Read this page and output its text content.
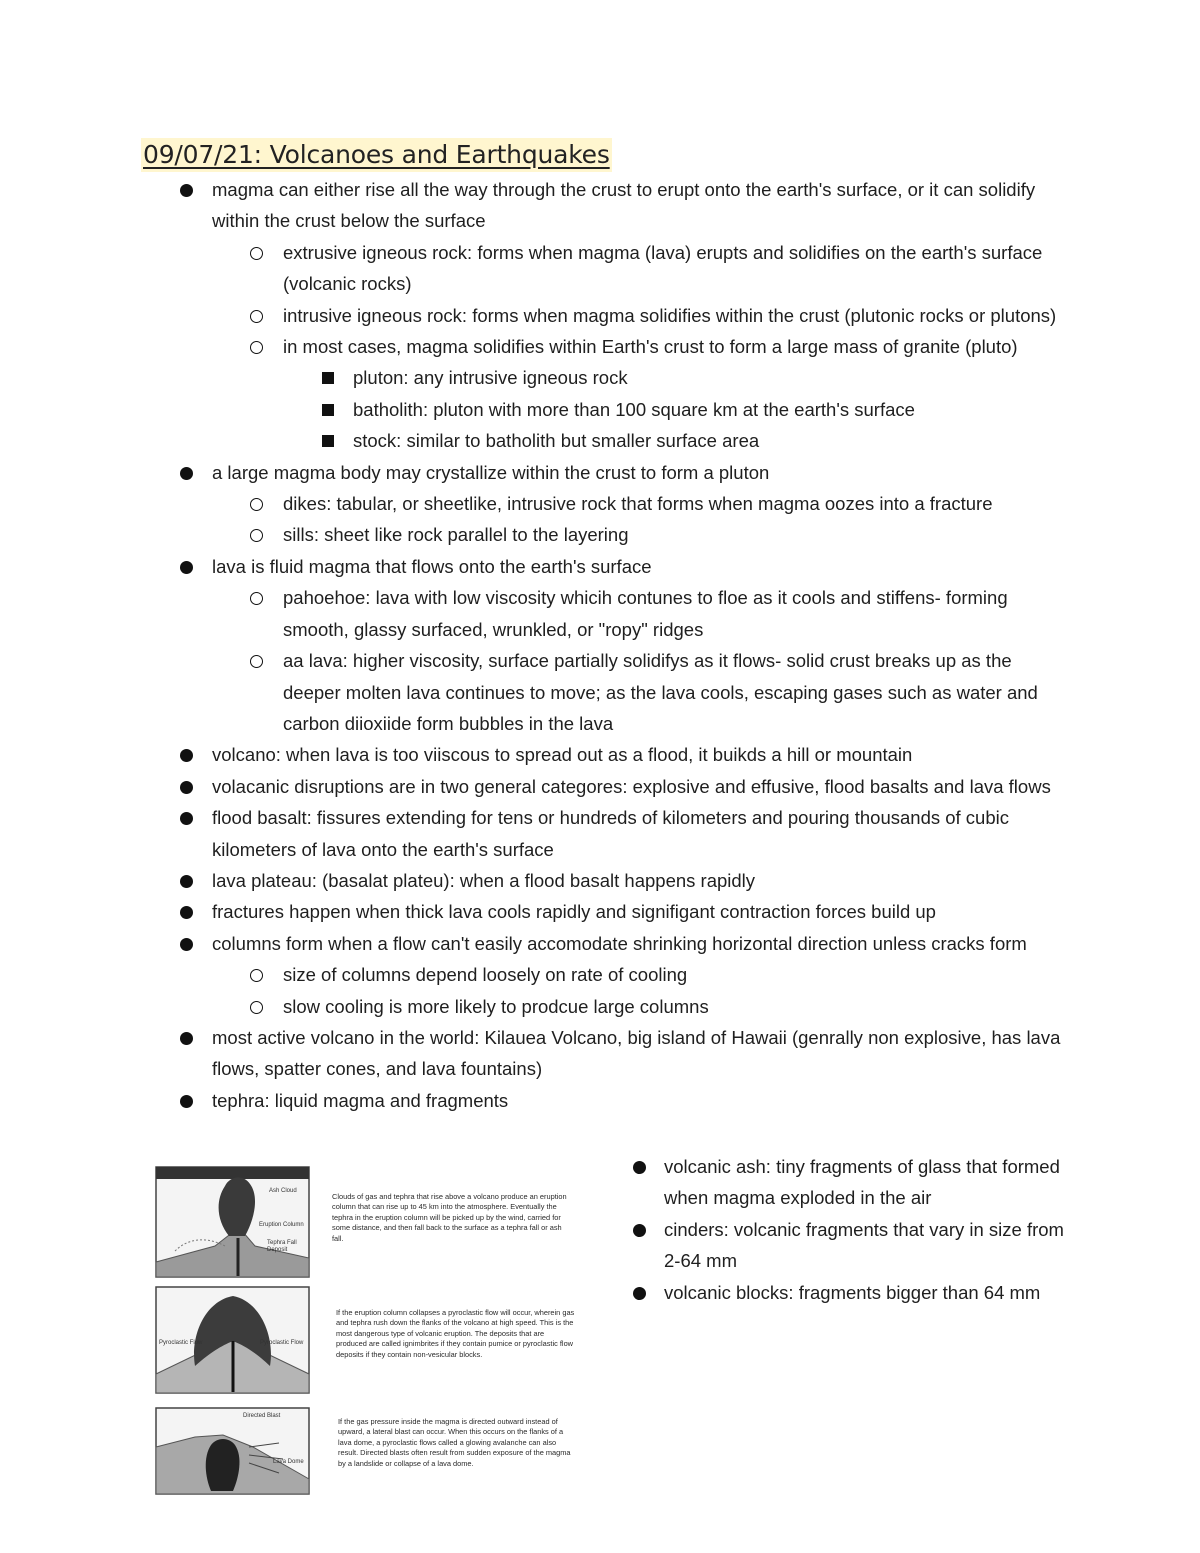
09/07/21: Volcanoes and Earthquakes
magma can either rise all the way through the crust to erupt onto the earth's surface, or it can solidify within the crust below the surface
extrusive igneous rock: forms when magma (lava) erupts and solidifies on the earth's surface (volcanic rocks)
intrusive igneous rock: forms when magma solidifies within the crust (plutonic rocks or plutons)
in most cases, magma solidifies within Earth's crust to form a large mass of granite (pluto)
pluton: any intrusive igneous rock
batholith: pluton with more than 100 square km at the earth's surface
stock: similar to batholith but smaller surface area
a large magma body may crystallize within the crust to form a pluton
dikes: tabular, or sheetlike, intrusive rock that forms when magma oozes into a fracture
sills: sheet like rock parallel to the layering
lava is fluid magma that flows onto the earth's surface
pahoehoe: lava with low viscosity whicih contunes to floe as it cools and stiffens- forming smooth, glassy surfaced, wrunkled, or "ropy" ridges
aa lava: higher viscosity, surface partially solidifys as it flows- solid crust breaks up as the deeper molten lava continues to move; as the lava cools, escaping gases such as water and carbon diioxiide form bubbles in the lava
volcano: when lava is too viiscous to spread out as a flood, it buikds a hill or mountain
volacanic disruptions are in two general categores: explosive and effusive, flood basalts and lava flows
flood basalt: fissures extending for tens or hundreds of kilometers and pouring thousands of cubic kilometers of lava onto the earth's surface
lava plateau: (basalat plateu): when a flood basalt happens rapidly
fractures happen when thick lava cools rapidly and signifigant contraction forces build up
columns form when a flow can't easily accomodate shrinking horizontal direction unless cracks form
size of columns depend loosely on rate of cooling
slow cooling is more likely to prodcue large columns
most active volcano in the world: Kilauea Volcano, big island of Hawaii (genrally non explosive, has lava flows, spatter cones, and lava fountains)
tephra: liquid magma and fragments
Ash Cloud
Eruption Column
Tephra Fall Deposit
Clouds of gas and tephra that rise above a volcano produce an eruption column that can rise up to 45 km into the atmosphere. Eventually the tephra in the eruption column will be picked up by the wind, carried for some distance, and then fall back to the surface as a tephra fall or ash fall.
Pyroclastic Flow	Pyroclastic Flow
If the eruption column collapses a pyroclastic flow will occur, wherein gas and tephra rush down the flanks of the volcano at high speed. This is the most dangerous type of volcanic eruption. The deposits that are produced are called ignimbrites if they contain pumice or pyroclastic flow deposits if they contain non-vesicular blocks.
Directed Blast
Lava Dome
If the gas pressure inside the magma is directed outward instead of upward, a lateral blast can occur. When this occurs on the flanks of a lava dome, a pyroclastic flows called a glowing avalanche can also result. Directed blasts often result from sudden exposure of the magma by a landslide or collapse of a lava dome.
volcanic ash: tiny fragments of glass that formed when magma exploded in the air
cinders: volcanic fragments that vary in size from 2-64 mm
volcanic blocks: fragments bigger than 64 mm
